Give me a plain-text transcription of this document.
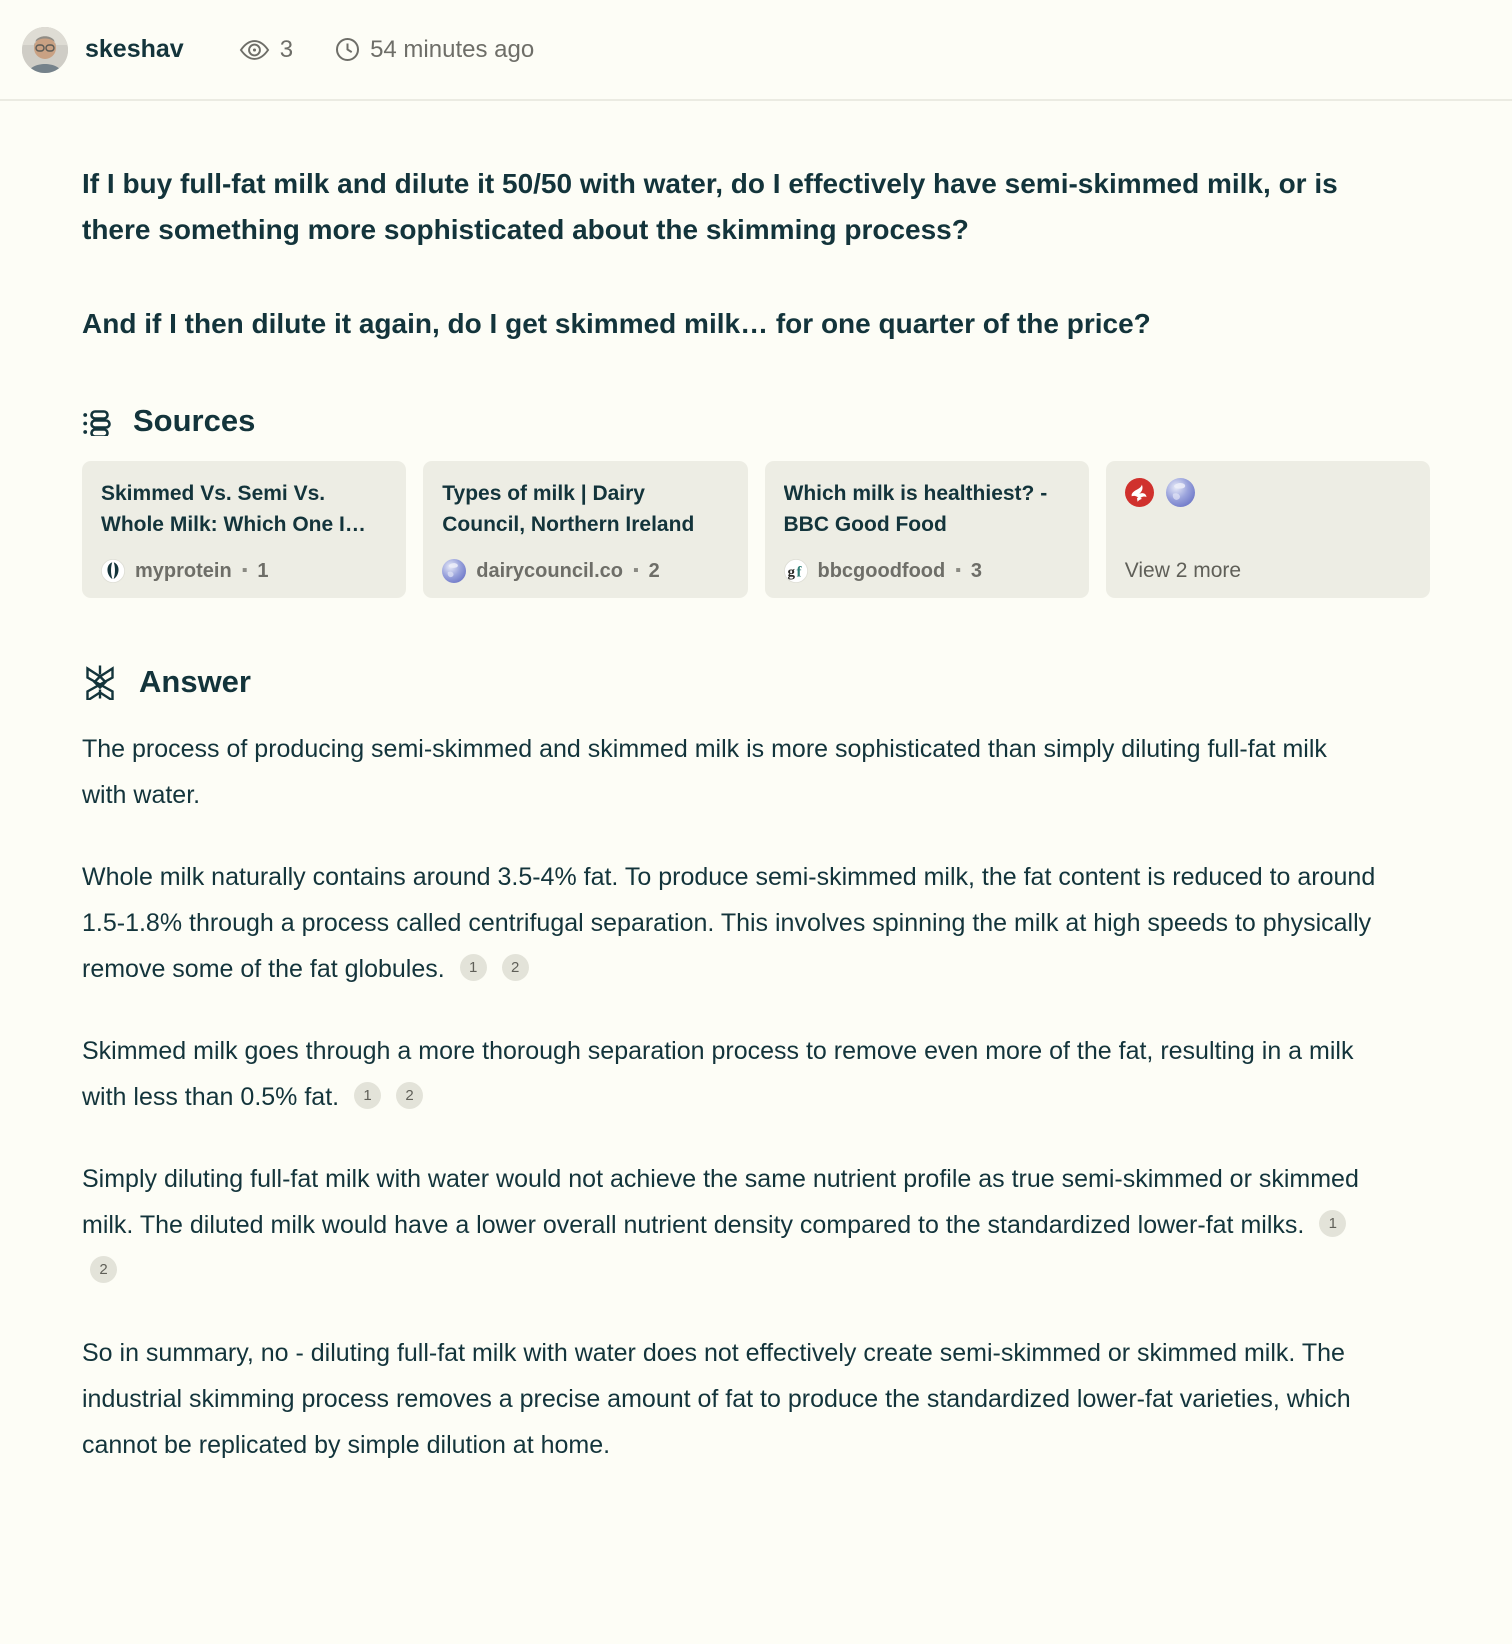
skeshav	3	54 minutes ago

If I buy full-fat milk and dilute it 50/50 with water, do I effectively have semi-skimmed milk, or is there something more sophisticated about the skimming process?

And if I then dilute it again, do I get skimmed milk… for one quarter of the price?

Sources
Skimmed Vs. Semi Vs. Whole Milk: Which One I…
myprotein ▪ 1
Types of milk | Dairy Council, Northern Ireland
dairycouncil.co ▪ 2
Which milk is healthiest? - BBC Good Food
g f bbcgoodfood ▪ 3	View 2 more
Answer

The process of producing semi-skimmed and skimmed milk is more sophisticated than simply diluting full-fat milk with water.

Whole milk naturally contains around 3.5-4% fat. To produce semi-skimmed milk, the fat content is reduced to around 1.5-1.8% through a process called centrifugal separation. This involves spinning the milk at high speeds to physically remove some of the fat globules. 1 2

Skimmed milk goes through a more thorough separation process to remove even more of the fat, resulting in a milk with less than 0.5% fat. 1 2

Simply diluting full-fat milk with water would not achieve the same nutrient profile as true semi-skimmed or skimmed milk. The diluted milk would have a lower overall nutrient density compared to the standardized lower-fat milks. 1 2

So in summary, no - diluting full-fat milk with water does not effectively create semi-skimmed or skimmed milk. The industrial skimming process removes a precise amount of fat to produce the standardized lower-fat varieties, which cannot be replicated by simple dilution at home.
